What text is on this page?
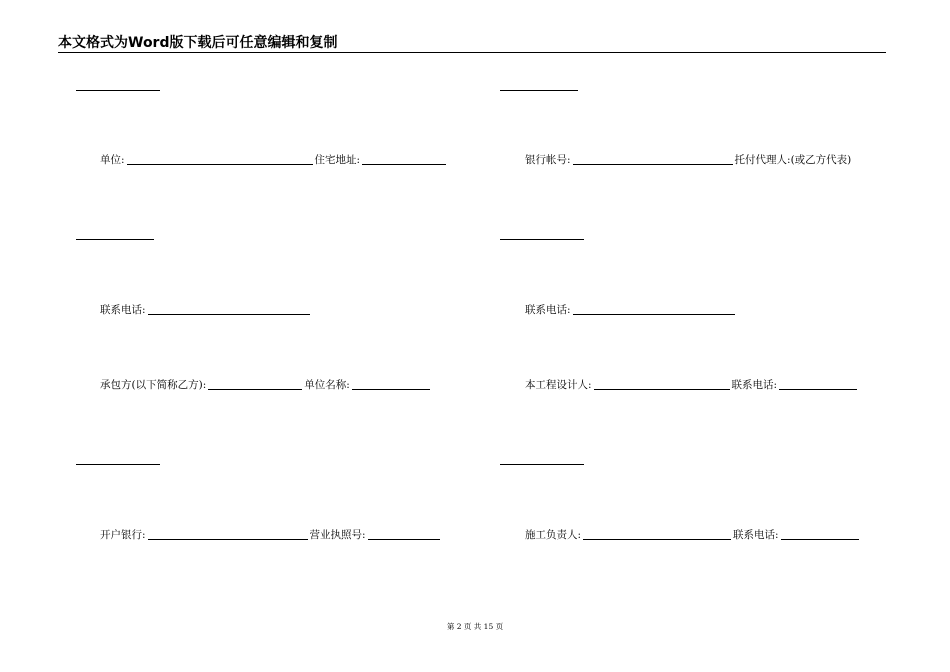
本文格式为Word版下载后可任意编辑和复制
单位:	住宅地址:	银行帐号:	托付代理人:(或乙方代表)
联系电话:	联系电话:
承包方(以下简称乙方):	单位名称:	本工程设计人:	联系电话:
开户银行:	营业执照号:	施工负责人:	联系电话:
第 2 页 共 15 页
